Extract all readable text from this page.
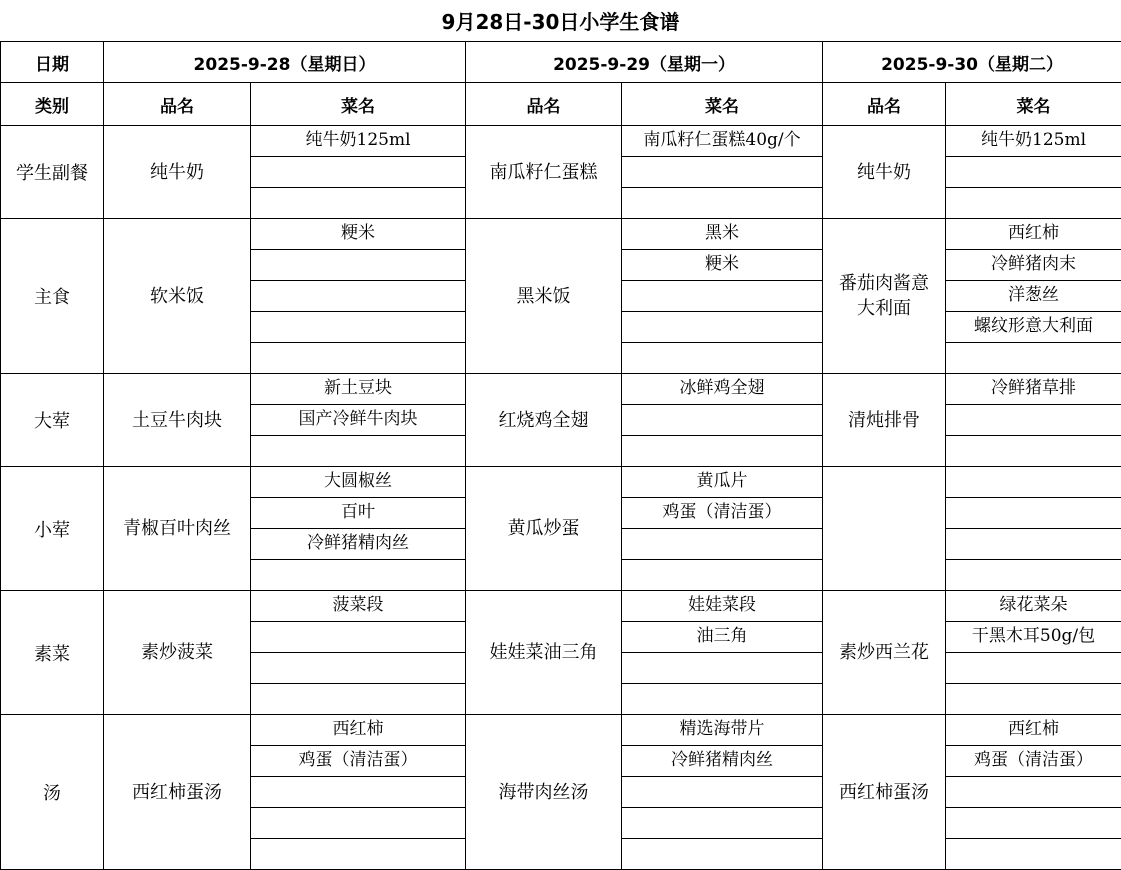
9月28日-30日小学生食谱
日期	2025-9-28（星期日）		2025-9-29（星期一）		2025-9-30（星期二）	
类别	品名	菜名	品名	菜名	品名	菜名
学生副餐	纯牛奶	纯牛奶125ml	南瓜籽仁蛋糕	南瓜籽仁蛋糕40g/个	纯牛奶	纯牛奶125ml

主食	软米饭	粳米	黑米饭	黑米	番茄肉酱意大利面	西红柿
				粳米		冷鲜猪肉末
						洋葱丝
						螺纹形意大利面

大荤	土豆牛肉块	新土豆块	红烧鸡全翅	冰鲜鸡全翅	清炖排骨	冷鲜猪草排
		国产冷鲜牛肉块				

小荤	青椒百叶肉丝	大圆椒丝	黄瓜炒蛋	黄瓜片		
		百叶		鸡蛋（清洁蛋）		
		冷鲜猪精肉丝				

素菜	素炒菠菜	菠菜段	娃娃菜油三角	娃娃菜段	素炒西兰花	绿花菜朵
				油三角		干黑木耳50g/包

汤	西红柿蛋汤	西红柿	海带肉丝汤	精选海带片	西红柿蛋汤	西红柿
		鸡蛋（清洁蛋）		冷鲜猪精肉丝		鸡蛋（清洁蛋）
